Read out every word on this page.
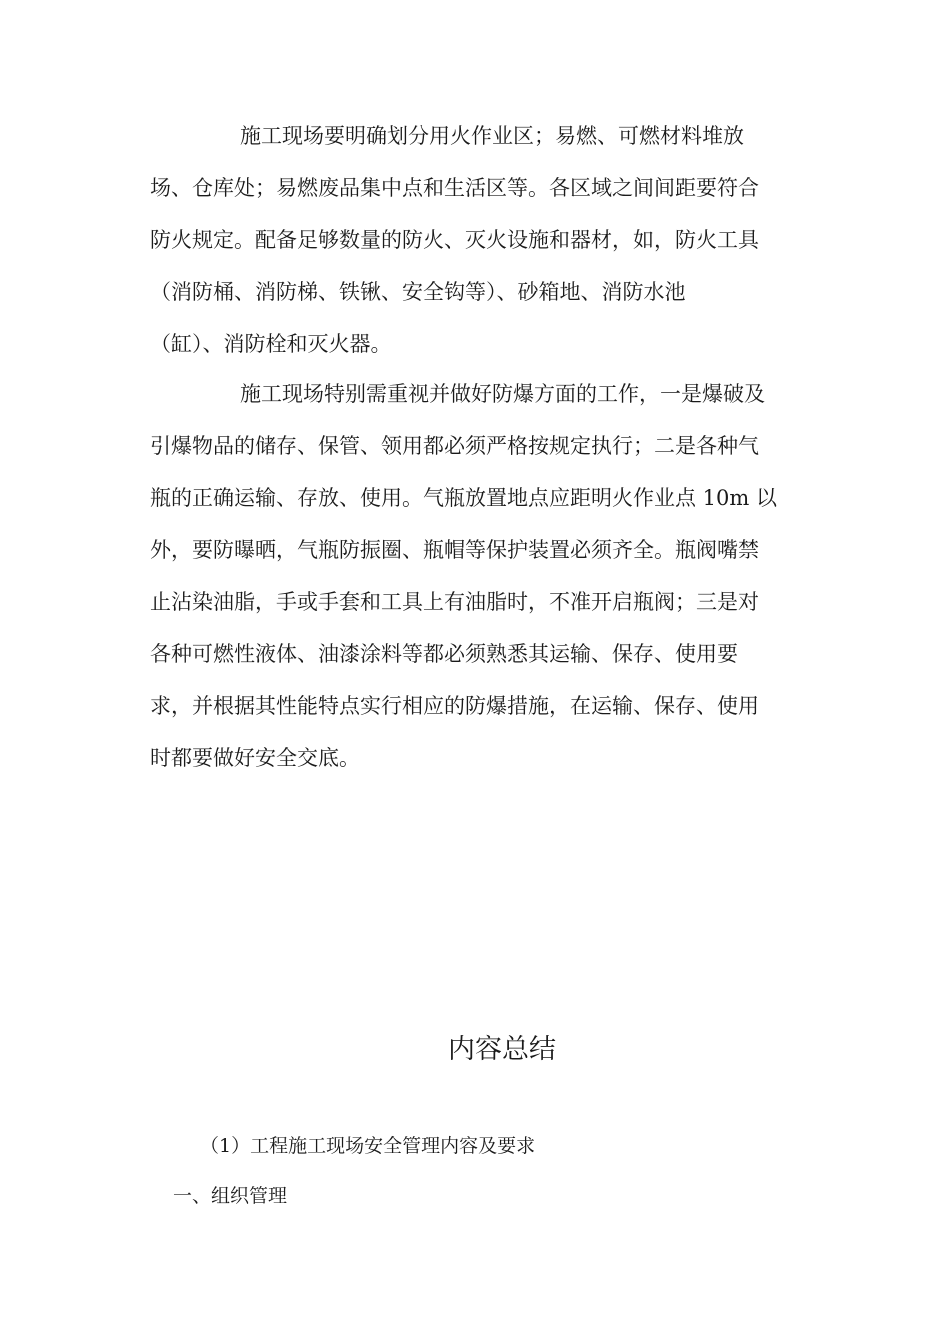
施工现场要明确划分用火作业区；易燃、可燃材料堆放
场、仓库处；易燃废品集中点和生活区等。各区域之间间距要符合
防火规定。配备足够数量的防火、灭火设施和器材，如，防火工具
（消防桶、消防梯、铁锹、安全钩等）、砂箱地、消防水池
（缸）、消防栓和灭火器。
施工现场特别需重视并做好防爆方面的工作，一是爆破及
引爆物品的储存、保管、领用都必须严格按规定执行；二是各种气
瓶的正确运输、存放、使用。气瓶放置地点应距明火作业点 10m 以
外，要防曝晒，气瓶防振圈、瓶帽等保护装置必须齐全。瓶阀嘴禁
止沾染油脂，手或手套和工具上有油脂时，不准开启瓶阀；三是对
各种可燃性液体、油漆涂料等都必须熟悉其运输、保存、使用要
求，并根据其性能特点实行相应的防爆措施，在运输、保存、使用
时都要做好安全交底。
内容总结
（1）工程施工现场安全管理内容及要求
一、组织管理
